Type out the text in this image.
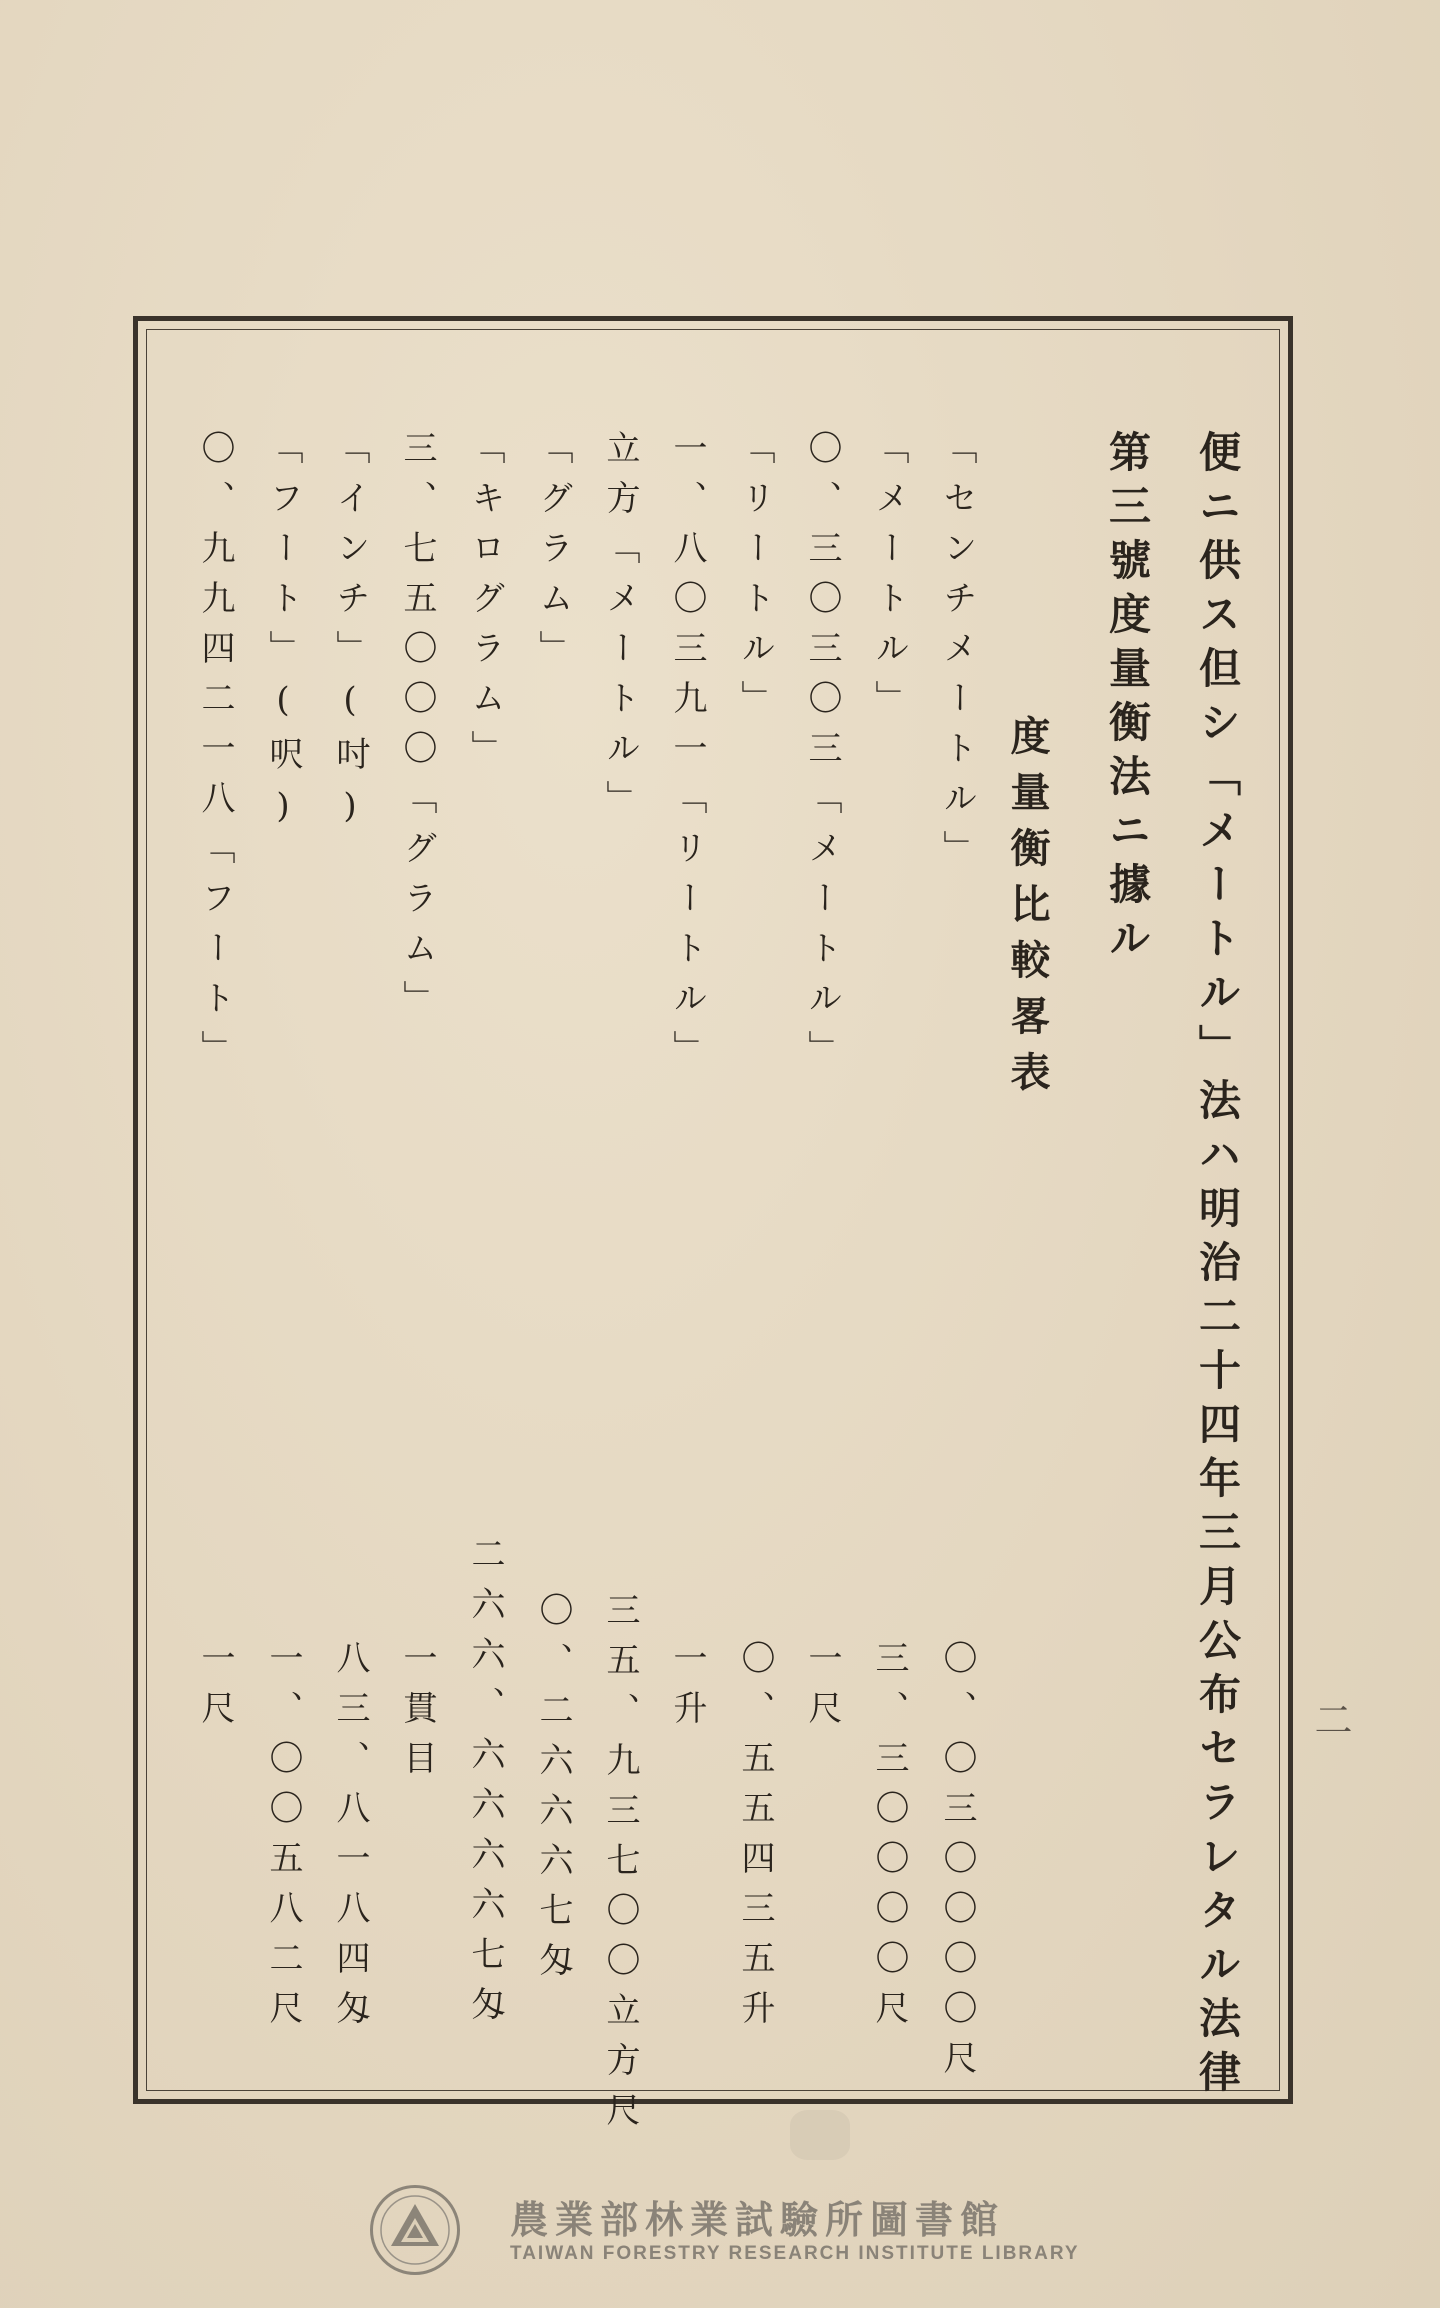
便ニ供ス但シ「メートル」法ハ明治二十四年三月公布セラレタル法律
第三號度量衡法ニ據ル
度量衡比較畧表
〇、〇三〇〇〇〇尺
「メートル」
三、三〇〇〇〇尺
〇、三〇三〇三「メートル」
一尺
「リートル」
〇、五五四三五升
一、八〇三九一「リートル」
一升
立方「メートル」
三五、九三七〇〇立方尺
「グラム」
〇、二六六六七匁
「キログラム」
二六六、六六六六七匁
三、七五〇〇〇「グラム」
一貫目
「インチ」(吋)
八三、八一八四匁
「フート」(呎)
一、〇〇五八二尺
〇、九九四二一八「フート」
一尺
「センチメートル」
二
農業部林業試驗所圖書館
TAIWAN FORESTRY RESEARCH INSTITUTE LIBRARY
